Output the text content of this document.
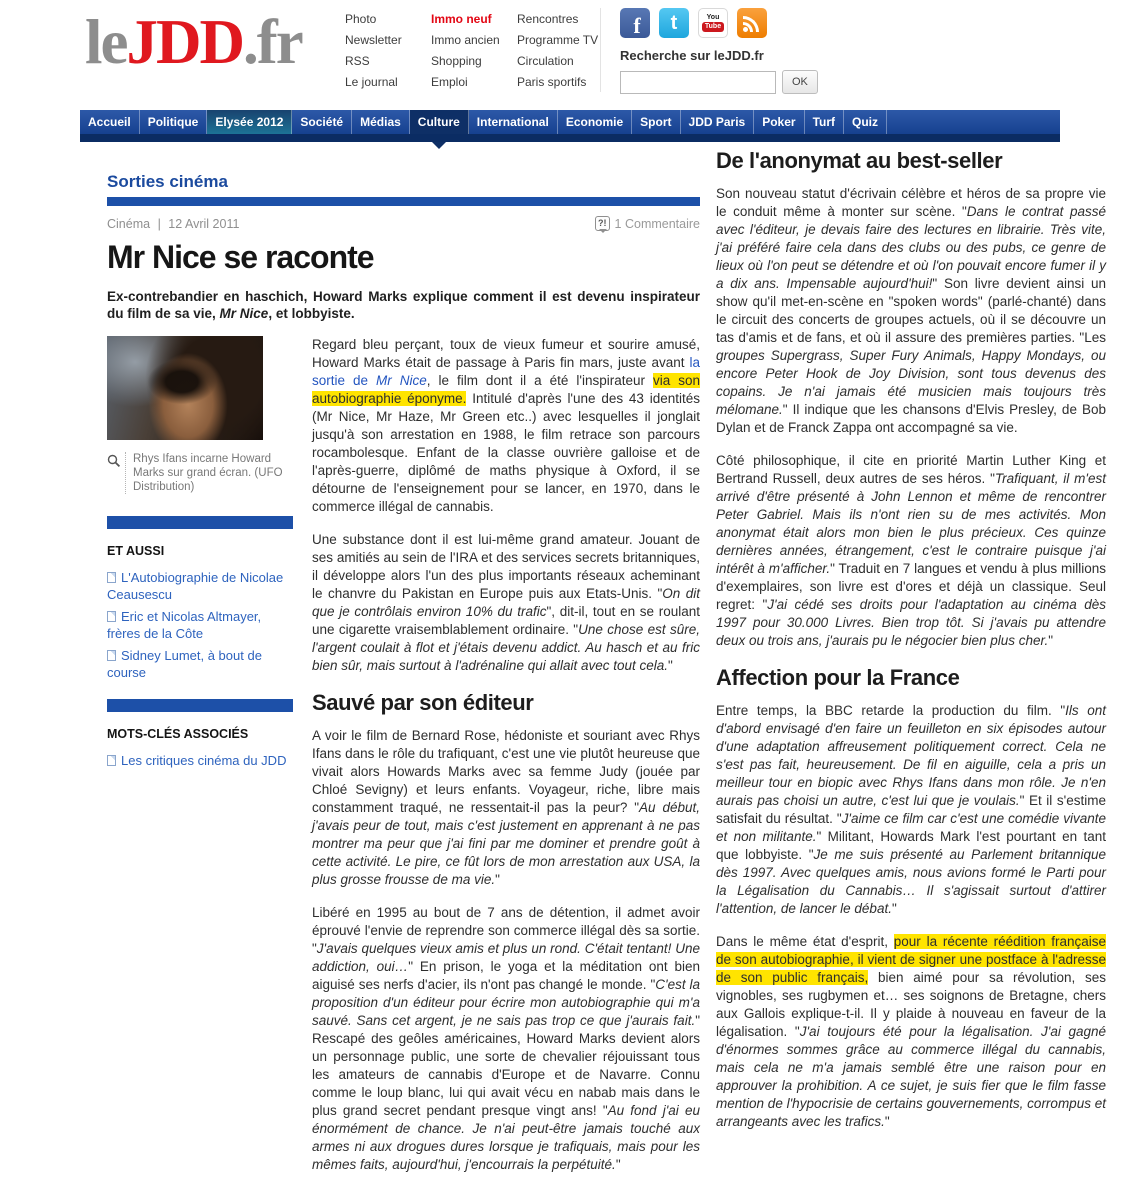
leJDD.fr	Photo
Newsletter
RSS
Le journal
Immo neuf
Immo ancien
Shopping
Emploi
Rencontres
Programme TV
Circulation
Paris sportifs
f	t	You
Tube
Recherche sur leJDD.fr
OK
Accueil	Politique	Elysée 2012	Société	Médias	Culture	International	Economie	Sport	JDD Paris	Poker	Turf	Quiz
Sorties cinéma
Cinéma | 12 Avril 2011	?! 1 Commentaire
Mr Nice se raconte
Ex-contrebandier en haschich, Howard Marks explique comment il est devenu inspirateur du film de sa vie, Mr Nice, et lobbyiste.
Rhys Ifans incarne Howard Marks sur grand écran. (UFO Distribution)
ET AUSSI
L'Autobiographie de Nicolae Ceausescu
Eric et Nicolas Altmayer, frères de la Côte
Sidney Lumet, à bout de course
MOTS-CLÉS ASSOCIÉS
Les critiques cinéma du JDD

Regard bleu perçant, toux de vieux fumeur et sourire amusé, Howard Marks était de passage à Paris fin mars, juste avant la sortie de Mr Nice, le film dont il a été l'inspirateur via son autobiographie éponyme. Intitulé d'après l'une des 43 identités (Mr Nice, Mr Haze, Mr Green etc..) avec lesquelles il jonglait jusqu'à son arrestation en 1988, le film retrace son parcours rocambolesque. Enfant de la classe ouvrière galloise et de l'après-guerre, diplômé de maths physique à Oxford, il se détourne de l'enseignement pour se lancer, en 1970, dans le commerce illégal de cannabis.

Une substance dont il est lui-même grand amateur. Jouant de ses amitiés au sein de l'IRA et des services secrets britanniques, il développe alors l'un des plus importants réseaux acheminant le chanvre du Pakistan en Europe puis aux Etats-Unis. "On dit que je contrôlais environ 10% du trafic", dit-il, tout en se roulant une cigarette vraisemblablement ordinaire. "Une chose est sûre, l'argent coulait à flot et j'étais devenu addict. Au hasch et au fric bien sûr, mais surtout à l'adrénaline qui allait avec tout cela."

Sauvé par son éditeur

A voir le film de Bernard Rose, hédoniste et souriant avec Rhys Ifans dans le rôle du trafiquant, c'est une vie plutôt heureuse que vivait alors Howards Marks avec sa femme Judy (jouée par Chloé Sevigny) et leurs enfants. Voyageur, riche, libre mais constamment traqué, ne ressentait-il pas la peur? "Au début, j'avais peur de tout, mais c'est justement en apprenant à ne pas montrer ma peur que j'ai fini par me dominer et prendre goût à cette activité. Le pire, ce fût lors de mon arrestation aux USA, la plus grosse frousse de ma vie."

Libéré en 1995 au bout de 7 ans de détention, il admet avoir éprouvé l'envie de reprendre son commerce illégal dès sa sortie. "J'avais quelques vieux amis et plus un rond. C'était tentant! Une addiction, oui…" En prison, le yoga et la méditation ont bien aiguisé ses nerfs d'acier, ils n'ont pas changé le monde. "C'est la proposition d'un éditeur pour écrire mon autobiographie qui m'a sauvé. Sans cet argent, je ne sais pas trop ce que j'aurais fait." Rescapé des geôles américaines, Howard Marks devient alors un personnage public, une sorte de chevalier réjouissant tous les amateurs de cannabis d'Europe et de Navarre. Connu comme le loup blanc, lui qui avait vécu en nabab mais dans le plus grand secret pendant presque vingt ans! "Au fond j'ai eu énormément de chance. Je n'ai peut-être jamais touché aux armes ni aux drogues dures lorsque je trafiquais, mais pour les mêmes faits, aujourd'hui, j'encourrais la perpétuité."

De l'anonymat au best-seller

Son nouveau statut d'écrivain célèbre et héros de sa propre vie le conduit même à monter sur scène. "Dans le contrat passé avec l'éditeur, je devais faire des lectures en librairie. Très vite, j'ai préféré faire cela dans des clubs ou des pubs, ce genre de lieux où l'on peut se détendre et où l'on pouvait encore fumer il y a dix ans. Impensable aujourd'hui!" Son livre devient ainsi un show qu'il met-en-scène en "spoken words" (parlé-chanté) dans le circuit des concerts de groupes actuels, où il se découvre un tas d'amis et de fans, et où il assure des premières parties. "Les groupes Supergrass, Super Fury Animals, Happy Mondays, ou encore Peter Hook de Joy Division, sont tous devenus des copains. Je n'ai jamais été musicien mais toujours très mélomane." Il indique que les chansons d'Elvis Presley, de Bob Dylan et de Franck Zappa ont accompagné sa vie.

Côté philosophique, il cite en priorité Martin Luther King et Bertrand Russell, deux autres de ses héros. "Trafiquant, il m'est arrivé d'être présenté à John Lennon et même de rencontrer Peter Gabriel. Mais ils n'ont rien su de mes activités. Mon anonymat était alors mon bien le plus précieux. Ces quinze dernières années, étrangement, c'est le contraire puisque j'ai intérêt à m'afficher." Traduit en 7 langues et vendu à plus millions d'exemplaires, son livre est d'ores et déjà un classique. Seul regret: "J'ai cédé ses droits pour l'adaptation au cinéma dès 1997 pour 30.000 Livres. Bien trop tôt. Si j'avais pu attendre deux ou trois ans, j'aurais pu le négocier bien plus cher."

Affection pour la France

Entre temps, la BBC retarde la production du film. "Ils ont d'abord envisagé d'en faire un feuilleton en six épisodes autour d'une adaptation affreusement politiquement correct. Cela ne s'est pas fait, heureusement. De fil en aiguille, cela a pris un meilleur tour en biopic avec Rhys Ifans dans mon rôle. Je n'en aurais pas choisi un autre, c'est lui que je voulais." Et il s'estime satisfait du résultat. "J'aime ce film car c'est une comédie vivante et non militante." Militant, Howards Mark l'est pourtant en tant que lobbyiste. "Je me suis présenté au Parlement britannique dès 1997. Avec quelques amis, nous avions formé le Parti pour la Légalisation du Cannabis… Il s'agissait surtout d'attirer l'attention, de lancer le débat."

Dans le même état d'esprit, pour la récente réédition française de son autobiographie, il vient de signer une postface à l'adresse de son public français, bien aimé pour sa révolution, ses vignobles, ses rugbymen et… ses soignons de Bretagne, chers aux Gallois explique-t-il. Il y plaide à nouveau en faveur de la légalisation. "J'ai toujours été pour la légalisation. J'ai gagné d'énormes sommes grâce au commerce illégal du cannabis, mais cela ne m'a jamais semblé être une raison pour en approuver la prohibition. A ce sujet, je suis fier que le film fasse mention de l'hypocrisie de certains gouvernements, corrompus et arrangeants avec les trafics."
